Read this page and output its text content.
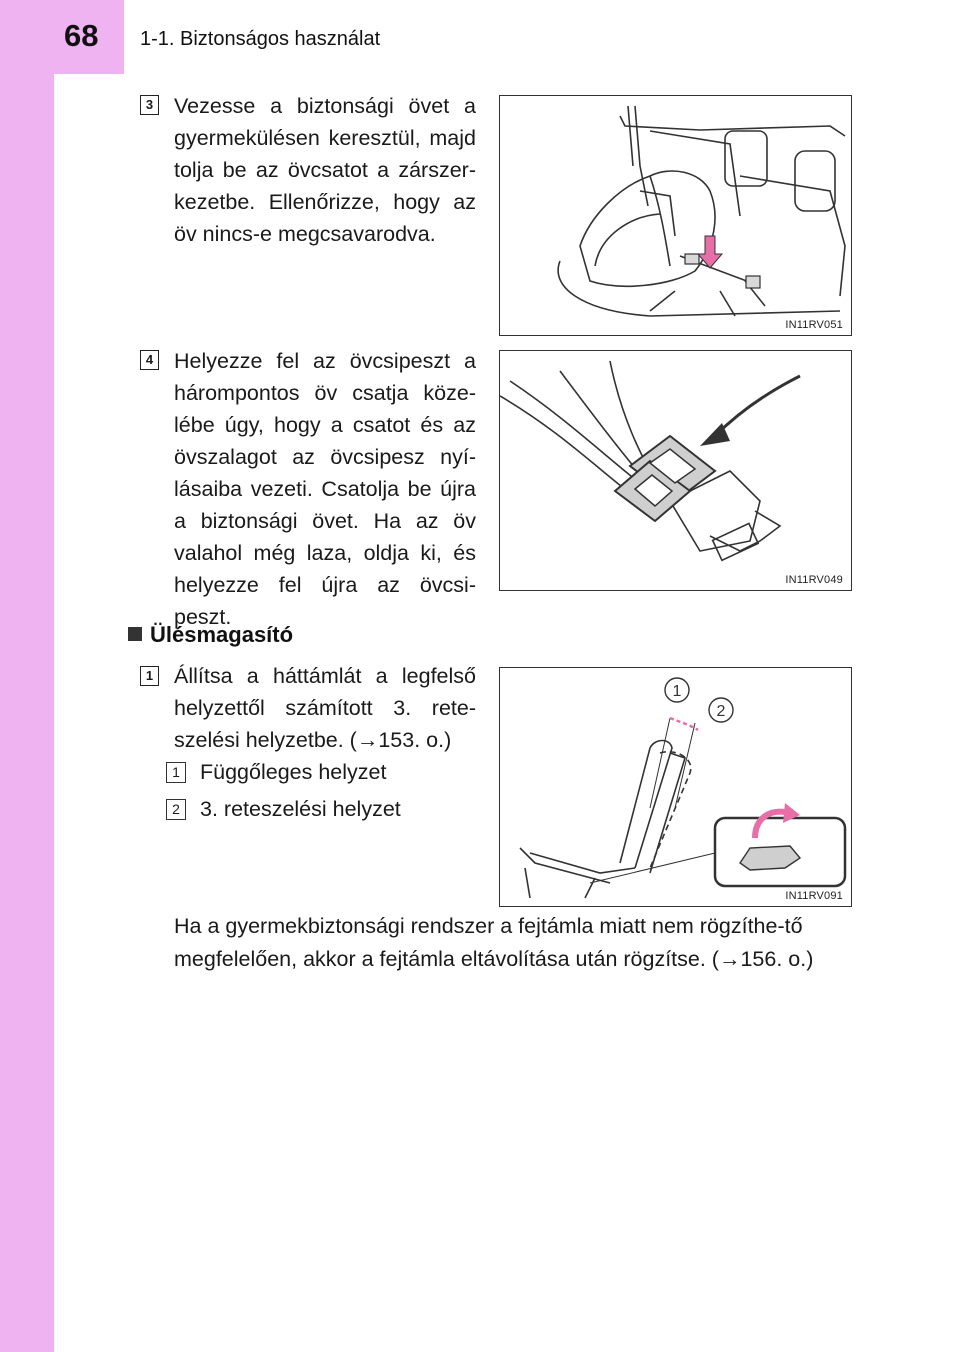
68 1-1. Biztonságos használat
3 Vezesse a biztonsági övet a gyermekülésen keresztül, majd tolja be az övcsatot a zárszer-kezetbe. Ellenőrizze, hogy az öv nincs-e megcsavarodva.

IN11RV051
4 Helyezze fel az övcsipeszt a hárompontos öv csatja köze-lébe úgy, hogy a csatot és az övszalagot az övcsipesz nyí-lásaiba vezeti. Csatolja be újra a biztonsági övet. Ha az öv valahol még laza, oldja ki, és helyezze fel újra az övcsi-peszt.

IN11RV049
Ülésmagasító
1 Állítsa a háttámlát a legfelső helyzettől számított 3. rete-szelési helyzetbe. (→153. o.)

1 Függőleges helyzet
2 3. reteszelési helyzet
1
2
IN11RV091

Ha a gyermekbiztonsági rendszer a fejtámla miatt nem rögzíthe-tő megfelelően, akkor a fejtámla eltávolítása után rögzítse. (→156. o.)
